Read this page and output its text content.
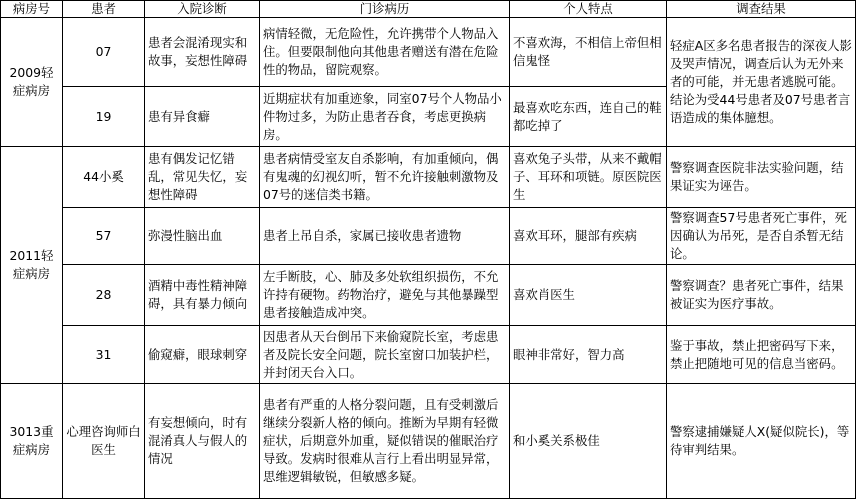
病房号	患者	入院诊断	门诊病历	个人特点	调查结果
2009轻症病房	07	患者会混淆现实和故事，妄想性障碍	病情轻微，无危险性，允许携带个人物品入住。但要限制他向其他患者赠送有潜在危险性的物品，留院观察。	不喜欢海，不相信上帝但相信鬼怪	轻症A区多名患者报告的深夜人影及哭声情况，调查后认为无外来者的可能，并无患者逃脱可能。结论为受44号患者及07号患者言语造成的集体臆想。
	19	患有异食癖	近期症状有加重迹象，同室07号个人物品小件物过多，为防止患者吞食，考虑更换病房。	最喜欢吃东西，连自己的鞋都吃掉了	
2011轻症病房	44小奚	患有偶发记忆错乱，常见失忆，妄想性障碍	患者病情受室友自杀影响，有加重倾向，偶有鬼魂的幻视幻听，暂不允许接触刺激物及07号的迷信类书籍。	喜欢兔子头带，从来不戴帽子、耳环和项链。原医院医生	警察调查医院非法实验问题，结果证实为诬告。
	57	弥漫性脑出血	患者上吊自杀，家属已接收患者遗物	喜欢耳环，腿部有疾病	警察调查57号患者死亡事件，死因确认为吊死，是否自杀暂无结论。
	28	酒精中毒性精神障碍，具有暴力倾向	左手断肢，心、肺及多处软组织损伤，不允许持有硬物。药物治疗，避免与其他暴躁型患者接触造成冲突。	喜欢肖医生	警察调查？患者死亡事件，结果被证实为医疗事故。
	31	偷窥癖，眼球刺穿	因患者从天台倒吊下来偷窥院长室，考虑患者及院长安全问题，院长室窗口加装护栏，并封闭天台入口。	眼神非常好，智力高	鉴于事故，禁止把密码写下来，禁止把随地可见的信息当密码。
3013重症病房	心理咨询师白医生	有妄想倾向，时有混淆真人与假人的情况	患者有严重的人格分裂问题，且有受刺激后继续分裂新人格的倾向。推断为早期有轻微症状，后期意外加重，疑似错误的催眠治疗导致。发病时很难从言行上看出明显异常，思维逻辑敏锐，但敏感多疑。	和小奚关系极佳	警察逮捕嫌疑人X(疑似院长)，等待审判结果。
